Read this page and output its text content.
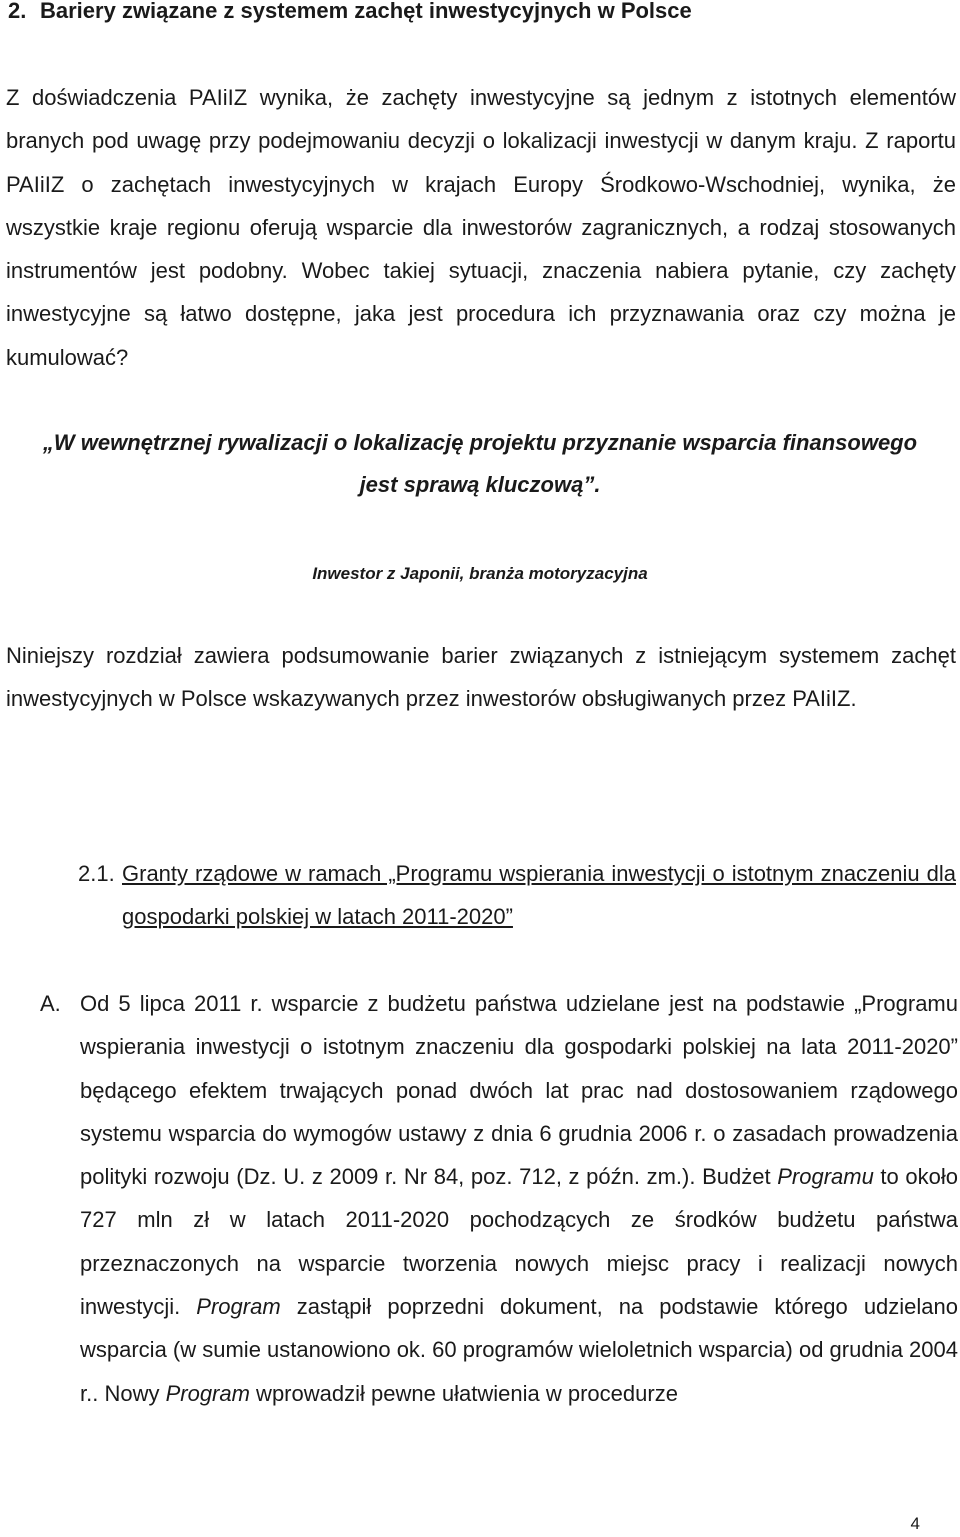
2. Bariery związane z systemem zachęt inwestycyjnych w Polsce

Z doświadczenia PAIiIZ wynika, że zachęty inwestycyjne są jednym z istotnych elementów branych pod uwagę przy podejmowaniu decyzji o lokalizacji inwestycji w danym kraju. Z raportu PAIiIZ o zachętach inwestycyjnych w krajach Europy Środkowo-Wschodniej, wynika, że wszystkie kraje regionu oferują wsparcie dla inwestorów zagranicznych, a rodzaj stosowanych instrumentów jest podobny. Wobec takiej sytuacji, znaczenia nabiera pytanie, czy zachęty inwestycyjne są łatwo dostępne, jaka jest procedura ich przyznawania oraz czy można je kumulować?

„W wewnętrznej rywalizacji o lokalizację projektu przyznanie wsparcia finansowego jest sprawą kluczową”.

Inwestor z Japonii, branża motoryzacyjna

Niniejszy rozdział zawiera podsumowanie barier związanych z istniejącym systemem zachęt inwestycyjnych w Polsce wskazywanych przez inwestorów obsługiwanych przez PAIiIZ.

2.1. Granty rządowe w ramach „Programu wspierania inwestycji o istotnym znaczeniu dla gospodarki polskiej w latach 2011-2020”
A. Od 5 lipca 2011 r. wsparcie z budżetu państwa udzielane jest na podstawie „Programu wspierania inwestycji o istotnym znaczeniu dla gospodarki polskiej na lata 2011-2020” będącego efektem trwających ponad dwóch lat prac nad dostosowaniem rządowego systemu wsparcia do wymogów ustawy z dnia 6 grudnia 2006 r. o zasadach prowadzenia polityki rozwoju (Dz. U. z 2009 r. Nr 84, poz. 712, z późn. zm.). Budżet Programu to około 727 mln zł w latach 2011-2020 pochodzących ze środków budżetu państwa przeznaczonych na wsparcie tworzenia nowych miejsc pracy i realizacji nowych inwestycji. Program zastąpił poprzedni dokument, na podstawie którego udzielano wsparcia (w sumie ustanowiono ok. 60 programów wieloletnich wsparcia) od grudnia 2004 r.. Nowy Program wprowadził pewne ułatwienia w procedurze
4
